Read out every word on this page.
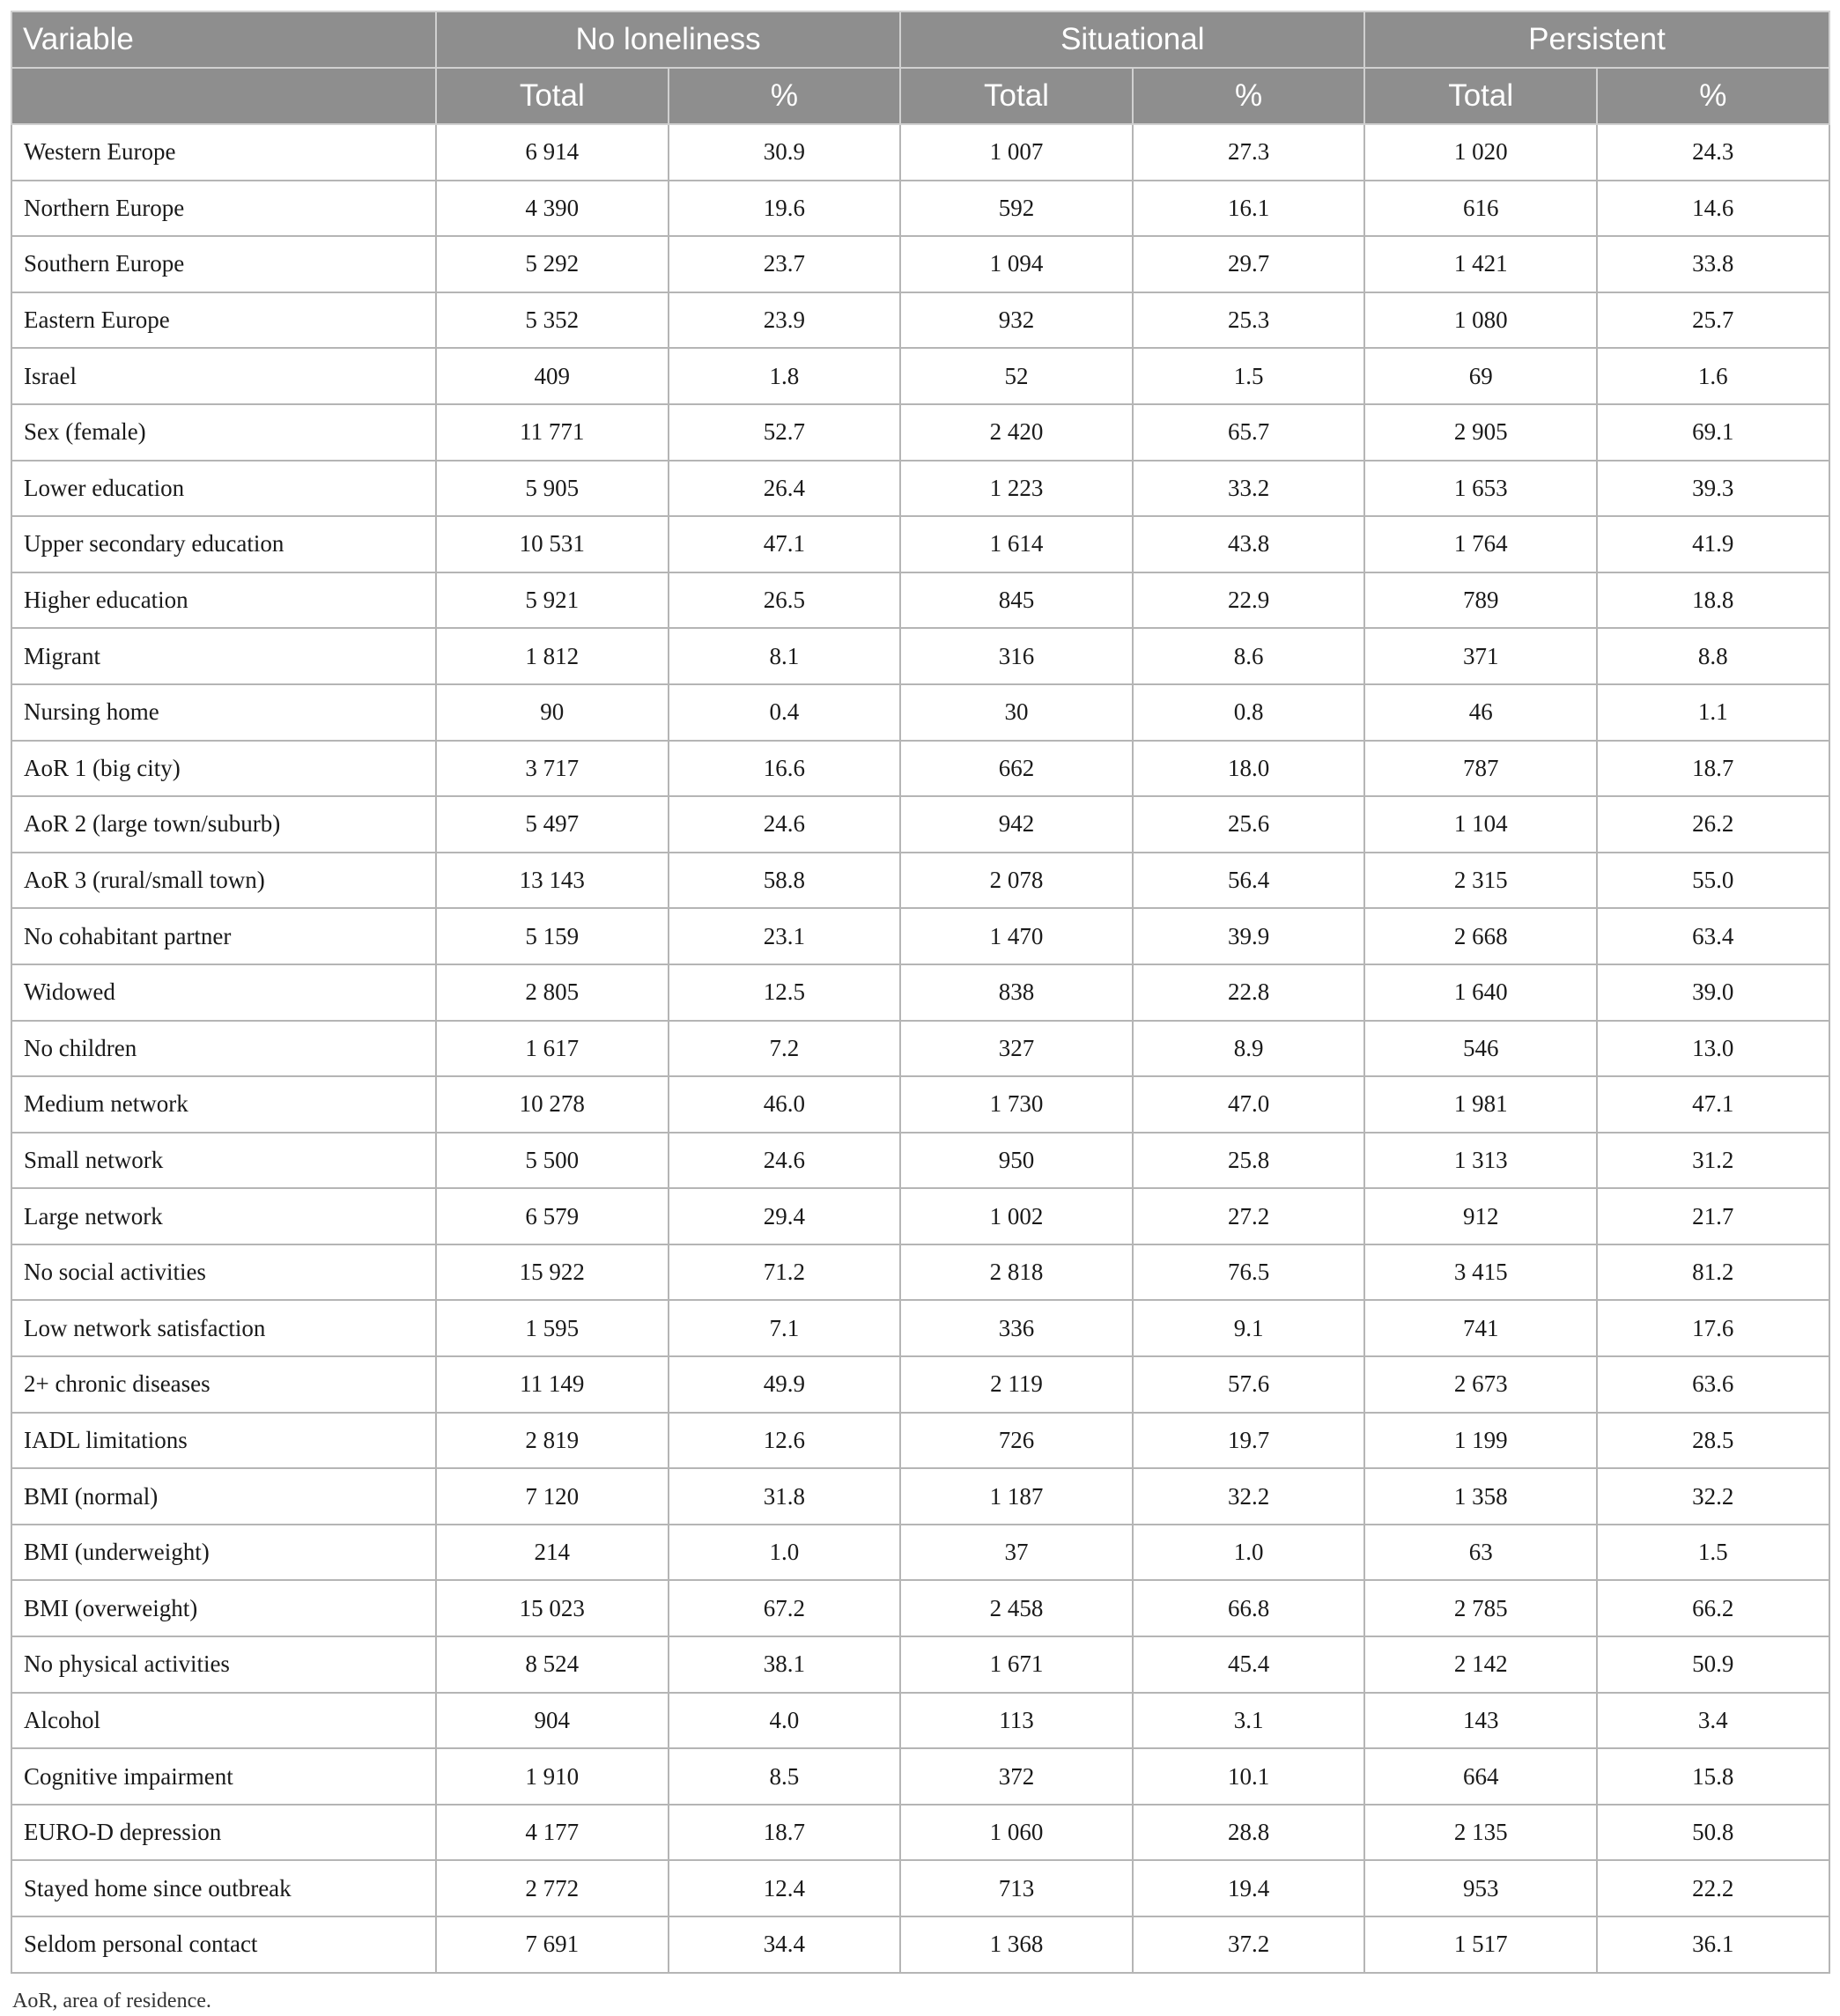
Variable	No loneliness		Situational		Persistent	
	Total	%	Total	%	Total	%
Western Europe	6 914	30.9	1 007	27.3	1 020	24.3
Northern Europe	4 390	19.6	592	16.1	616	14.6
Southern Europe	5 292	23.7	1 094	29.7	1 421	33.8
Eastern Europe	5 352	23.9	932	25.3	1 080	25.7
Israel	409	1.8	52	1.5	69	1.6
Sex (female)	11 771	52.7	2 420	65.7	2 905	69.1
Lower education	5 905	26.4	1 223	33.2	1 653	39.3
Upper secondary education	10 531	47.1	1 614	43.8	1 764	41.9
Higher education	5 921	26.5	845	22.9	789	18.8
Migrant	1 812	8.1	316	8.6	371	8.8
Nursing home	90	0.4	30	0.8	46	1.1
AoR 1 (big city)	3 717	16.6	662	18.0	787	18.7
AoR 2 (large town/suburb)	5 497	24.6	942	25.6	1 104	26.2
AoR 3 (rural/small town)	13 143	58.8	2 078	56.4	2 315	55.0
No cohabitant partner	5 159	23.1	1 470	39.9	2 668	63.4
Widowed	2 805	12.5	838	22.8	1 640	39.0
No children	1 617	7.2	327	8.9	546	13.0
Medium network	10 278	46.0	1 730	47.0	1 981	47.1
Small network	5 500	24.6	950	25.8	1 313	31.2
Large network	6 579	29.4	1 002	27.2	912	21.7
No social activities	15 922	71.2	2 818	76.5	3 415	81.2
Low network satisfaction	1 595	7.1	336	9.1	741	17.6
2+ chronic diseases	11 149	49.9	2 119	57.6	2 673	63.6
IADL limitations	2 819	12.6	726	19.7	1 199	28.5
BMI (normal)	7 120	31.8	1 187	32.2	1 358	32.2
BMI (underweight)	214	1.0	37	1.0	63	1.5
BMI (overweight)	15 023	67.2	2 458	66.8	2 785	66.2
No physical activities	8 524	38.1	1 671	45.4	2 142	50.9
Alcohol	904	4.0	113	3.1	143	3.4
Cognitive impairment	1 910	8.5	372	10.1	664	15.8
EURO-D depression	4 177	18.7	1 060	28.8	2 135	50.8
Stayed home since outbreak	2 772	12.4	713	19.4	953	22.2
Seldom personal contact	7 691	34.4	1 368	37.2	1 517	36.1
AoR, area of residence.
